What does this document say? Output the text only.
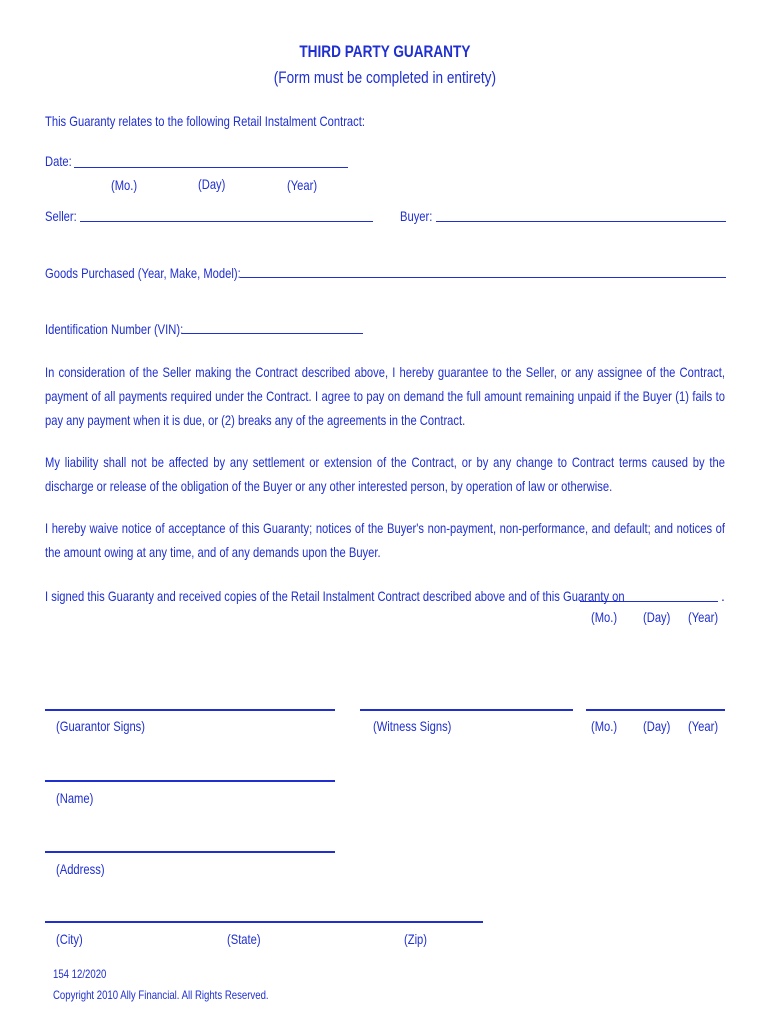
THIRD PARTY GUARANTY
(Form must be completed in entirety)
This Guaranty relates to the following Retail Instalment Contract:
Date:
(Mo.)	(Day)	(Year)
Seller:	Buyer:
Goods Purchased (Year, Make, Model):
Identification Number (VIN):
In consideration of the Seller making the Contract described above, I hereby guarantee to the Seller, or any assignee of the Contract, payment of all payments required under the Contract. I agree to pay on demand the full amount remaining unpaid if the Buyer (1) fails to pay any payment when it is due, or (2) breaks any of the agreements in the Contract.
My liability shall not be affected by any settlement or extension of the Contract, or by any change to Contract terms caused by the discharge or release of the obligation of the Buyer or any other interested person, by operation of law or otherwise.
I hereby waive notice of acceptance of this Guaranty; notices of the Buyer's non-payment, non-performance, and default; and notices of the amount owing at any time, and of any demands upon the Buyer.
I signed this Guaranty and received copies of the Retail Instalment Contract described above and of this Guaranty on	.
(Mo.)	(Day)	(Year)
(Guarantor Signs)	(Witness Signs)	(Mo.)	(Day)	(Year)
(Name)
(Address)
(City)	(State)	(Zip)
154 12/2020
Copyright 2010 Ally Financial. All Rights Reserved.
